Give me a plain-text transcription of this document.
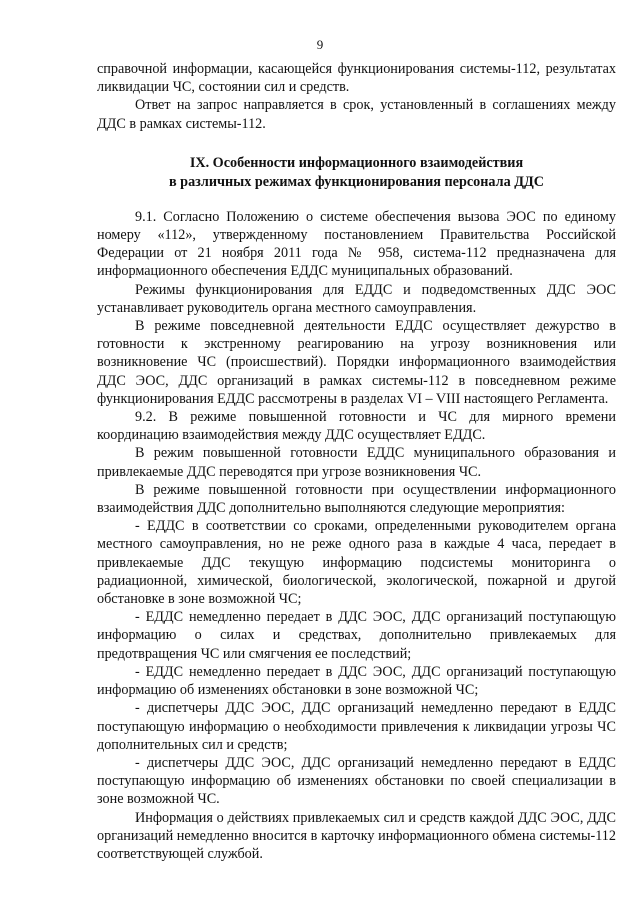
9

справочной информации, касающейся функционирования системы-112, результатах ликвидации ЧС, состоянии сил и средств.

Ответ на запрос направляется в срок, установленный в соглашениях между ДДС в рамках системы-112.

IX. Особенности информационного взаимодействия
в различных режимах функционирования персонала ДДС

9.1. Согласно Положению о системе обеспечения вызова ЭОС по единому номеру «112», утвержденному постановлением Правительства Российской Федерации от 21 ноября 2011 года № 958, система-112 предназначена для информационного обеспечения ЕДДС муниципальных образований.

Режимы функционирования для ЕДДС и подведомственных ДДС ЭОС устанавливает руководитель органа местного самоуправления.

В режиме повседневной деятельности ЕДДС осуществляет дежурство в готовности к экстренному реагированию на угрозу возникновения или возникновение ЧС (происшествий). Порядки информационного взаимодействия ДДС ЭОС, ДДС организаций в рамках системы-112 в повседневном режиме функционирования ЕДДС рассмотрены в разделах VI – VIII настоящего Регламента.

9.2. В режиме повышенной готовности и ЧС для мирного времени координацию взаимодействия между ДДС осуществляет ЕДДС.

В режим повышенной готовности ЕДДС муниципального образования и привлекаемые ДДС переводятся при угрозе возникновения ЧС.

В режиме повышенной готовности при осуществлении информационного взаимодействия ДДС дополнительно выполняются следующие мероприятия:

- ЕДДС в соответствии со сроками, определенными руководителем органа местного самоуправления, но не реже одного раза в каждые 4 часа, передает в привлекаемые ДДС текущую информацию подсистемы мониторинга о радиационной, химической, биологической, экологической, пожарной и другой обстановке в зоне возможной ЧС;

- ЕДДС немедленно передает в ДДС ЭОС, ДДС организаций поступающую информацию о силах и средствах, дополнительно привлекаемых для предотвращения ЧС или смягчения ее последствий;

- ЕДДС немедленно передает в ДДС ЭОС, ДДС организаций поступающую информацию об изменениях обстановки в зоне возможной ЧС;

- диспетчеры ДДС ЭОС, ДДС организаций немедленно передают в ЕДДС поступающую информацию о необходимости привлечения к ликвидации угрозы ЧС дополнительных сил и средств;

- диспетчеры ДДС ЭОС, ДДС организаций немедленно передают в ЕДДС поступающую информацию об изменениях обстановки по своей специализации в зоне возможной ЧС.

Информация о действиях привлекаемых сил и средств каждой ДДС ЭОС, ДДС организаций немедленно вносится в карточку информационного обмена системы-112 соответствующей службой.
